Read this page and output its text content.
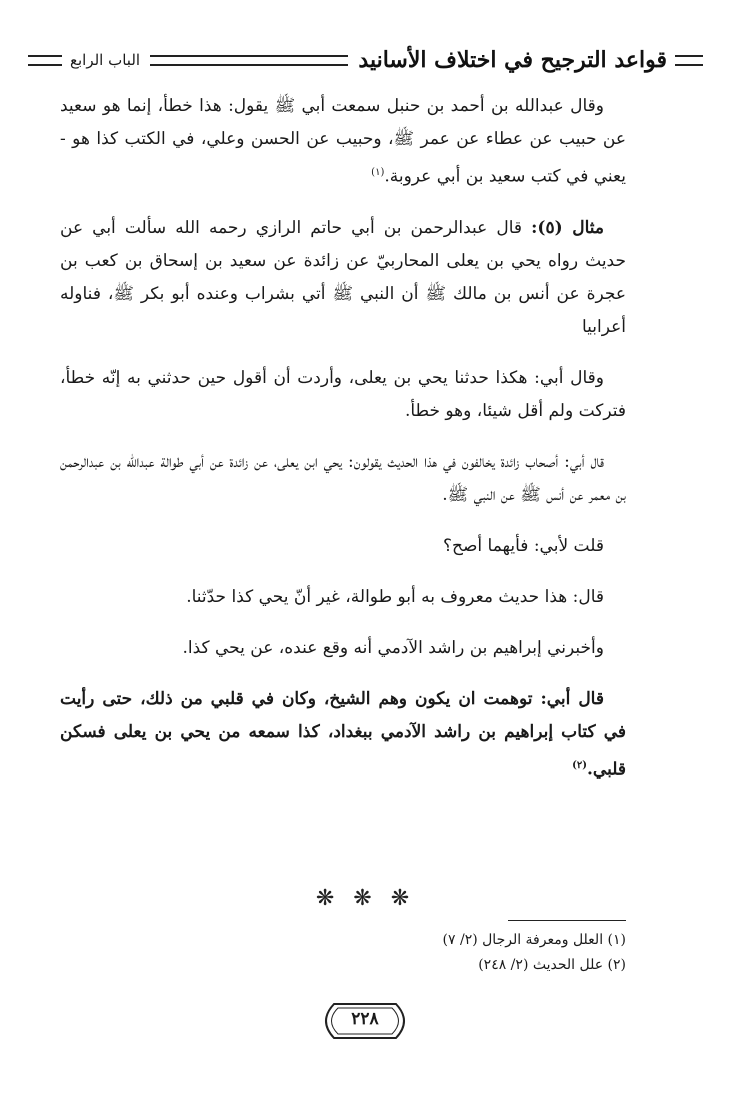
قواعد الترجيح في اختلاف الأسانيد
الباب الرابع

وقال عبدالله بن أحمد بن حنبل سمعت أبي ﷺ يقول: هذا خطأ، إنما هو سعيد عن حبيب عن عطاء عن عمر ﷺ، وحبيب عن الحسن وعلي، في الكتب كذا هو - يعني في كتب سعيد بن أبي عروبة.$^{(١)}$

مثال (٥): قال عبدالرحمن بن أبي حاتم الرازي رحمه الله سألت أبي عن حديث رواه يحي بن يعلى المحاربيّ عن زائدة عن سعيد بن إسحاق بن كعب بن عجرة عن أنس بن مالك ﷺ أن النبي ﷺ أتي بشراب وعنده أبو بكر ﷺ، فناوله أعرابيا

وقال أبي: هكذا حدثنا يحي بن يعلى، وأردت أن أقول حين حدثني به إنّه خطأ، فتركت ولم أقل شيئا، وهو خطأ.

قال أبي: أصحاب زائدة يخالفون في هذا الحديث يقولون: يحي ابن يعلى، عن زائدة عن أبي طوالة عبدالله بن عبدالرحمن بن معمر عن أنس ﷺ عن النبي ﷺ.

قلت لأبي: فأيهما أصح؟

قال: هذا حديث معروف به أبو طوالة، غير أنّ يحي كذا حدّثنا.

وأخبرني إبراهيم بن راشد الآدمي أنه وقع عنده، عن يحي كذا.

قال أبي: توهمت ان يكون وهم الشيخ، وكان في قلبي من ذلك، حتى رأيت في كتاب إبراهيم بن راشد الآدمي ببغداد، كذا سمعه من يحي بن يعلى فسكن قلبي.$^{(٢)}$

❋ ❋ ❋
(١) العلل ومعرفة الرجال (٢/ ٧)
(٢) علل الحديث (٢/ ٢٤٨)
٢٢٨
